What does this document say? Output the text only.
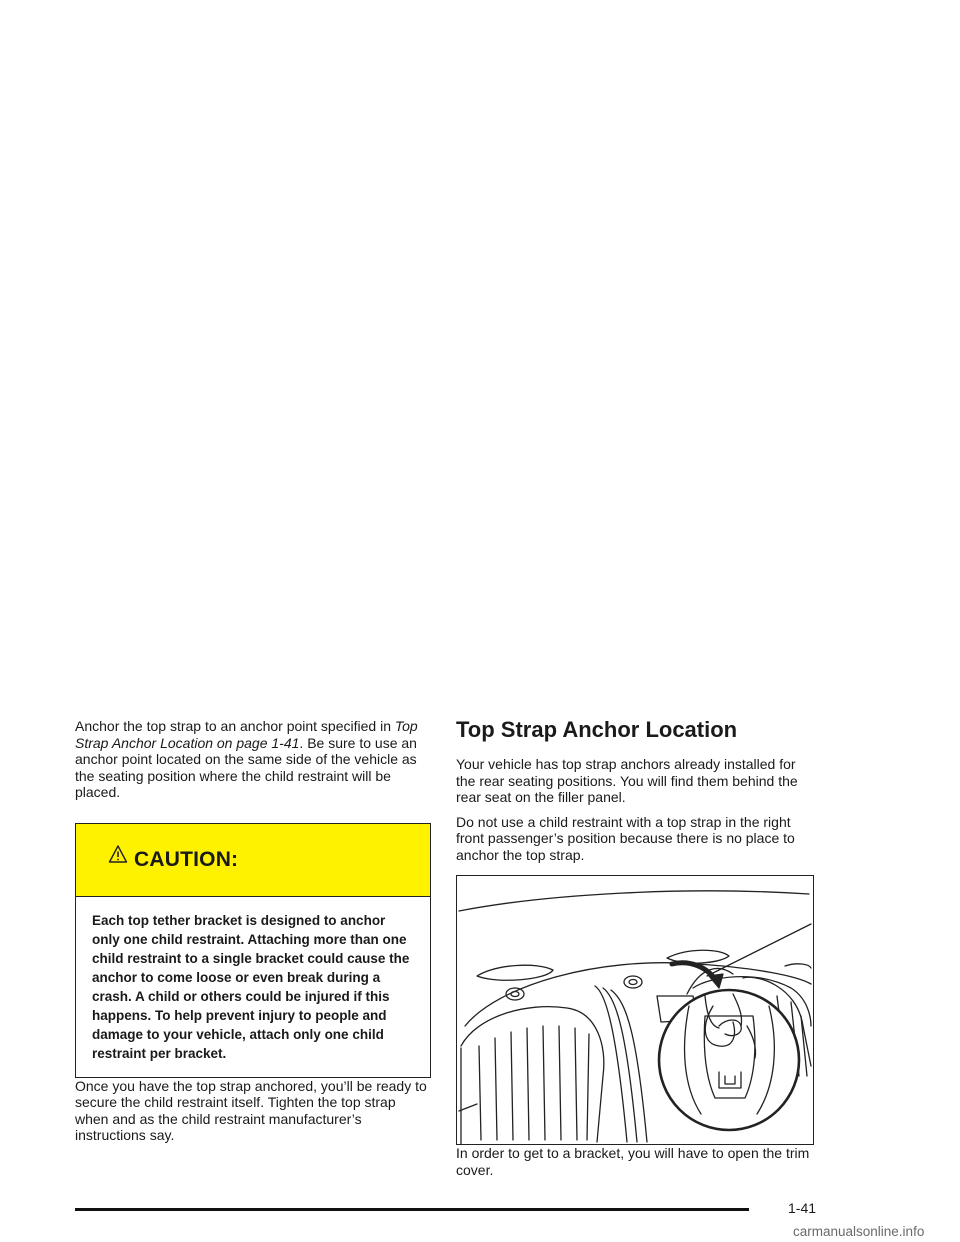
Anchor the top strap to an anchor point specified in Top Strap Anchor Location on page 1-41. Be sure to use an anchor point located on the same side of the vehicle as the seating position where the child restraint will be placed.

CAUTION:
Each top tether bracket is designed to anchor only one child restraint. Attaching more than one child restraint to a single bracket could cause the anchor to come loose or even break during a crash. A child or others could be injured if this happens. To help prevent injury to people and damage to your vehicle, attach only one child restraint per bracket.

Once you have the top strap anchored, you’ll be ready to secure the child restraint itself. Tighten the top strap when and as the child restraint manufacturer’s instructions say.

Top Strap Anchor Location

Your vehicle has top strap anchors already installed for the rear seating positions. You will find them behind the rear seat on the filler panel.

Do not use a child restraint with a top strap in the right front passenger’s position because there is no place to anchor the top strap.

In order to get to a bracket, you will have to open the trim cover.

1-41
carmanualsonline.info
